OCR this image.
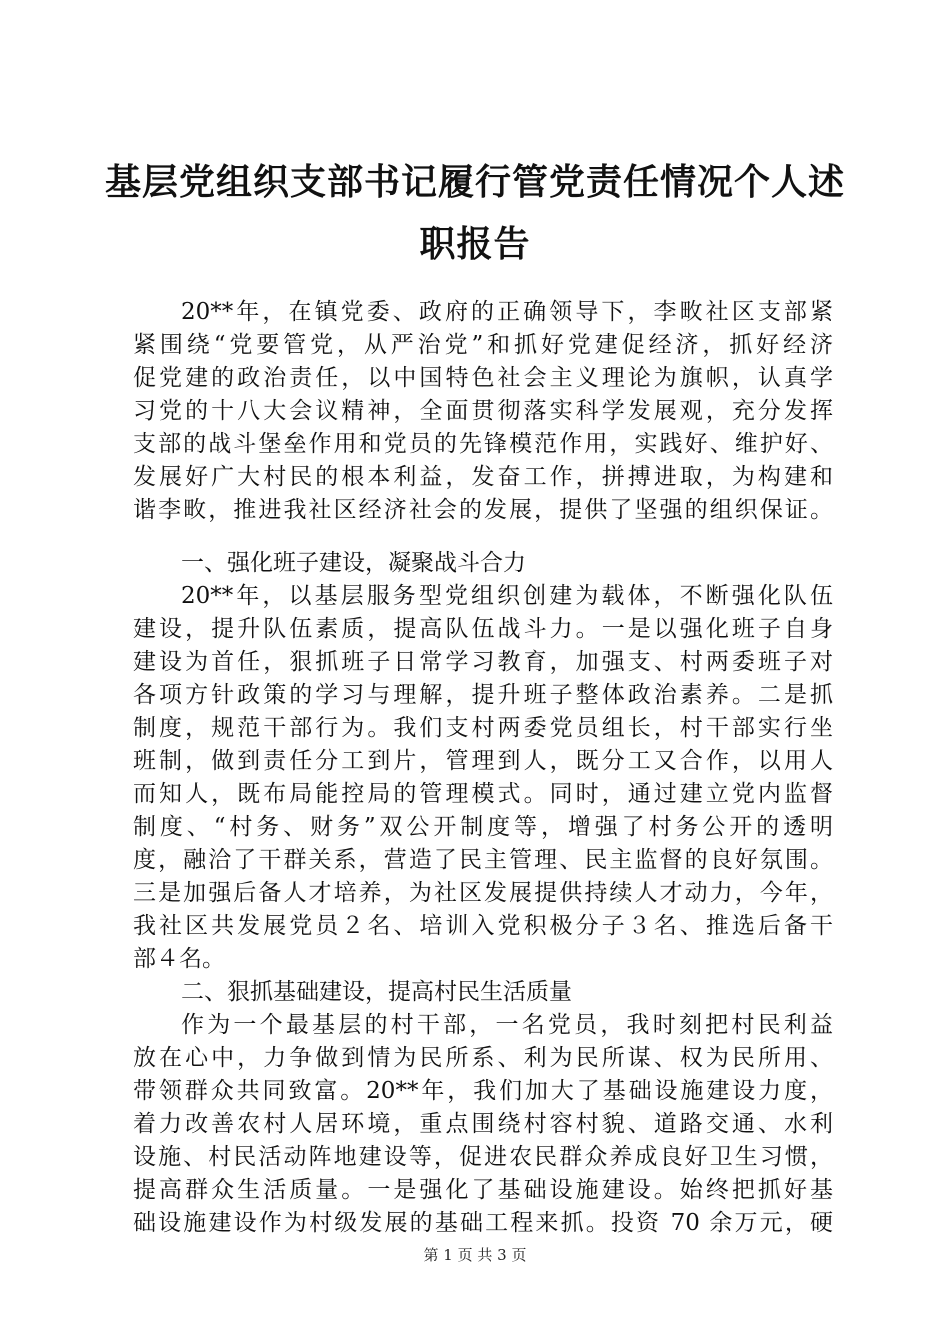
基层党组织支部书记履行管党责任情况个人述
职报告
20**年，在镇党委、政府的正确领导下，李畋社区支部紧
紧围绕“党要管党，从严治党”和抓好党建促经济，抓好经济
促党建的政治责任，以中国特色社会主义理论为旗帜，认真学
习党的十八大会议精神，全面贯彻落实科学发展观，充分发挥
支部的战斗堡垒作用和党员的先锋模范作用，实践好、维护好、
发展好广大村民的根本利益，发奋工作，拼搏进取，为构建和
谐李畋，推进我社区经济社会的发展，提供了坚强的组织保证。
一、强化班子建设，凝聚战斗合力
20**年，以基层服务型党组织创建为载体，不断强化队伍
建设，提升队伍素质，提高队伍战斗力。一是以强化班子自身
建设为首任，狠抓班子日常学习教育，加强支、村两委班子对
各项方针政策的学习与理解，提升班子整体政治素养。二是抓
制度，规范干部行为。我们支村两委党员组长，村干部实行坐
班制，做到责任分工到片，管理到人，既分工又合作，以用人
而知人，既布局能控局的管理模式。同时，通过建立党内监督
制度、“村务、财务”双公开制度等，增强了村务公开的透明
度，融洽了干群关系，营造了民主管理、民主监督的良好氛围。
三是加强后备人才培养，为社区发展提供持续人才动力，今年，
我社区共发展党员２名、培训入党积极分子３名、推选后备干
部４名。
二、狠抓基础建设，提高村民生活质量
作为一个最基层的村干部，一名党员，我时刻把村民利益
放在心中，力争做到情为民所系、利为民所谋、权为民所用、
带领群众共同致富。20**年，我们加大了基础设施建设力度，
着力改善农村人居环境，重点围绕村容村貌、道路交通、水利
设施、村民活动阵地建设等，促进农民群众养成良好卫生习惯，
提高群众生活质量。一是强化了基础设施建设。始终把抓好基
础设施建设作为村级发展的基础工程来抓。投资 70 余万元，硬
第 1 页 共 3 页
